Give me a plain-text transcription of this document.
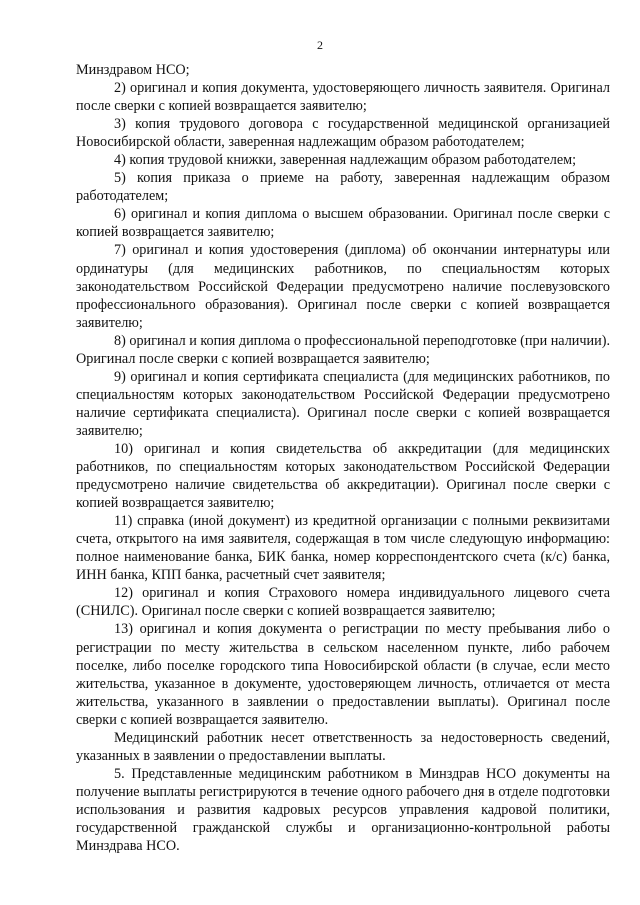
2

Минздравом НСО;

2) оригинал и копия документа, удостоверяющего личность заявителя. Оригинал после сверки с копией возвращается заявителю;

3) копия трудового договора с государственной медицинской организацией Новосибирской области, заверенная надлежащим образом работодателем;

4) копия трудовой книжки, заверенная надлежащим образом работодателем;

5) копия приказа о приеме на работу, заверенная надлежащим образом работодателем;

6) оригинал и копия диплома о высшем образовании. Оригинал после сверки с копией возвращается заявителю;

7) оригинал и копия удостоверения (диплома) об окончании интернатуры или ординатуры (для медицинских работников, по специальностям которых законодательством Российской Федерации предусмотрено наличие послевузовского профессионального образования). Оригинал после сверки с копией возвращается заявителю;

8) оригинал и копия диплома о профессиональной переподготовке (при наличии). Оригинал после сверки с копией возвращается заявителю;

9) оригинал и копия сертификата специалиста (для медицинских работников, по специальностям которых законодательством Российской Федерации предусмотрено наличие сертификата специалиста). Оригинал после сверки с копией возвращается заявителю;

10) оригинал и копия свидетельства об аккредитации (для медицинских работников, по специальностям которых законодательством Российской Федерации предусмотрено наличие свидетельства об аккредитации). Оригинал после сверки с копией возвращается заявителю;

11) справка (иной документ) из кредитной организации с полными реквизитами счета, открытого на имя заявителя, содержащая в том числе следующую информацию: полное наименование банка, БИК банка, номер корреспондентского счета (к/с) банка, ИНН банка, КПП банка, расчетный счет заявителя;

12) оригинал и копия Страхового номера индивидуального лицевого счета (СНИЛС). Оригинал после сверки с копией возвращается заявителю;

13) оригинал и копия документа о регистрации по месту пребывания либо о регистрации по месту жительства в сельском населенном пункте, либо рабочем поселке, либо поселке городского типа Новосибирской области (в случае, если место жительства, указанное в документе, удостоверяющем личность, отличается от места жительства, указанного в заявлении о предоставлении выплаты). Оригинал после сверки с копией возвращается заявителю.

Медицинский работник несет ответственность за недостоверность сведений, указанных в заявлении о предоставлении выплаты.

5. Представленные медицинским работником в Минздрав НСО документы на получение выплаты регистрируются в течение одного рабочего дня в отделе подготовки использования и развития кадровых ресурсов управления кадровой политики, государственной гражданской службы и организационно-контрольной работы Минздрава НСО.
